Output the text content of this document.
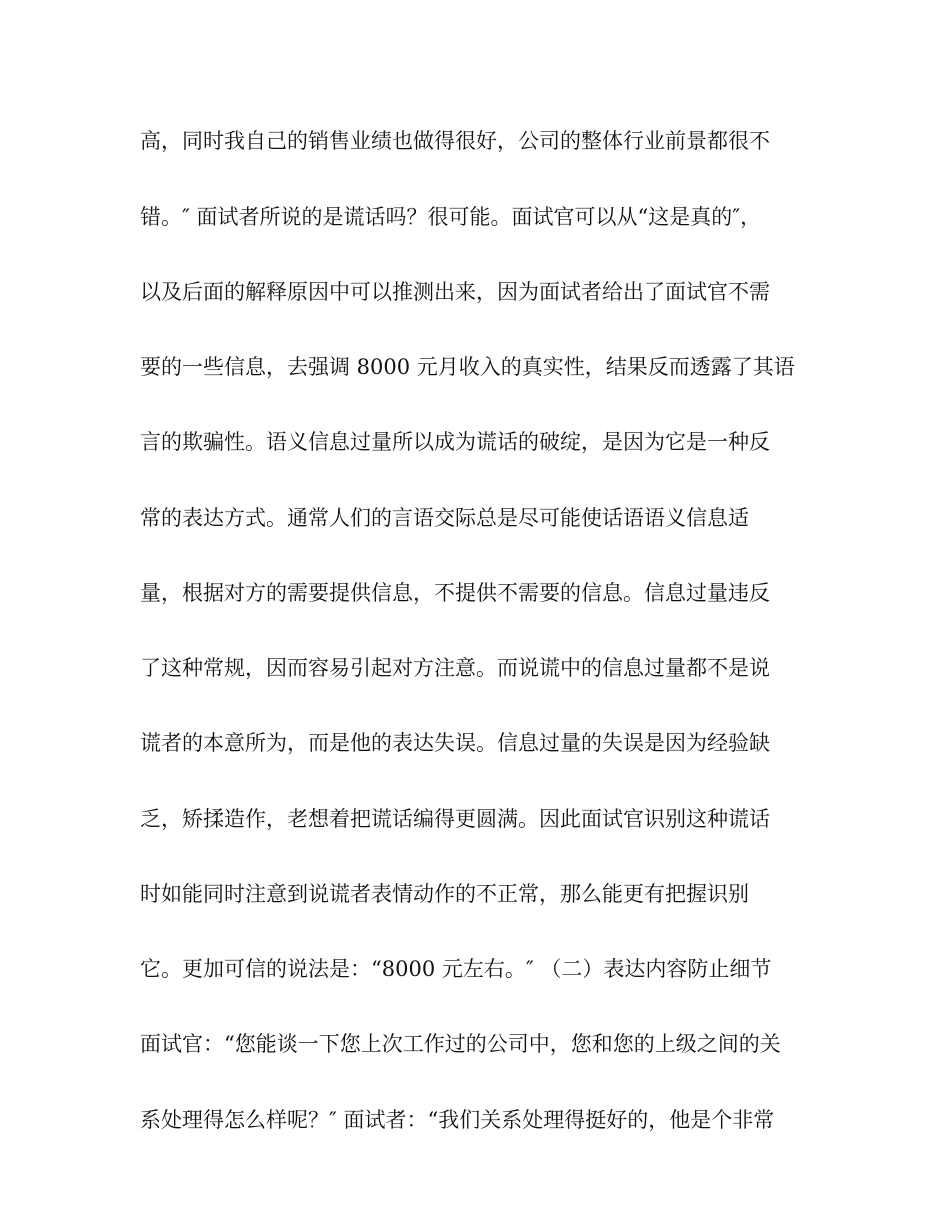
高，同时我自己的销售业绩也做得很好，公司的整体行业前景都很不
错。″ 面试者所说的是谎话吗？很可能。面试官可以从“这是真的″，
以及后面的解释原因中可以推测出来，因为面试者给出了面试官不需
要的一些信息，去强调 8000 元月收入的真实性，结果反而透露了其语
言的欺骗性。语义信息过量所以成为谎话的破绽，是因为它是一种反
常的表达方式。通常人们的言语交际总是尽可能使话语语义信息适
量，根据对方的需要提供信息，不提供不需要的信息。信息过量违反
了这种常规，因而容易引起对方注意。而说谎中的信息过量都不是说
谎者的本意所为，而是他的表达失误。信息过量的失误是因为经验缺
乏，矫揉造作，老想着把谎话编得更圆满。因此面试官识别这种谎话
时如能同时注意到说谎者表情动作的不正常，那么能更有把握识别
它。更加可信的说法是：“8000 元左右。″ （二）表达内容防止细节
面试官：“您能谈一下您上次工作过的公司中，您和您的上级之间的关
系处理得怎么样呢？″ 面试者：“我们关系处理得挺好的，他是个非常
